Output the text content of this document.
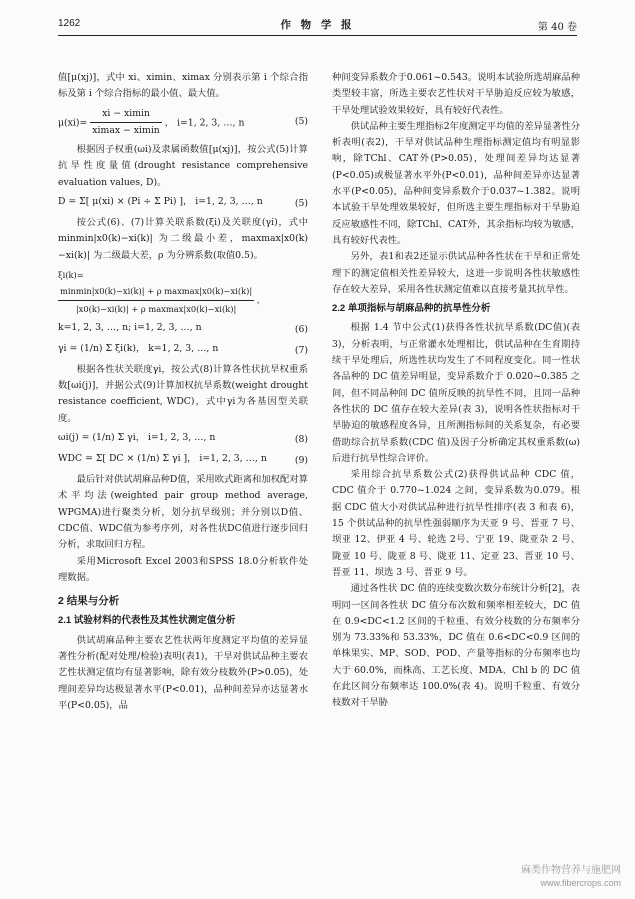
1262	作 物 学 报	第 40 卷

值[μ(xj)]，式中 xi、ximin、ximax 分别表示第 i 个综合指标及第 i 个综合指标的最小值、最大值。

$\mu(xi)= \frac{xi - ximin}{ximax - ximin}$ ， i=1, 2, 3, …, n	(5)

根据因子权重(ωi)及隶属函数值[μ(xj)]，按公式(5)计算抗旱性度量值(drought resistance comprehensive evaluation values, D)。

D = Σ[ μ(xi) × (Pi ÷ Σ Pi) ]， i=1, 2, 3, …, n	(5)

按公式(6)、(7)计算关联系数(ξi)及关联度(γi)，式中 minmin|x0(k)−xi(k)| 为二级最小差，maxmax|x0(k)−xi(k)| 为二级最大差，ρ 为分辨系数(取值0.5)。

ξi(k)=

$\frac{\text{minmin|x0(k)−xi(k)| + ρ maxmax|x0(k)−xi(k)|}}{\text{|x0(k)−xi(k)| + ρ maxmax|x0(k)−xi(k)|}}$ ，
k=1, 2, 3, …, n; i=1, 2, 3, …, n	(6)
γi = (1/n) Σ ξi(k)， k=1, 2, 3, …, n	(7)

根据各性状关联度γi，按公式(8)计算各性状抗旱权重系数[ωi(j)]，并据公式(9)计算加权抗旱系数(weight drought resistance coefficient, WDC)，式中γi为各基因型关联度。

ωi(j) = (1/n) Σ γi， i=1, 2, 3, …, n	(8)
WDC = Σ[ DC × (1/n) Σ γi ]， i=1, 2, 3, …, n	(9)

最后针对供试胡麻品种D值，采用欧式距离和加权配对算术平均法(weighted pair group method average, WPGMA)进行聚类分析，划分抗旱级别；并分别以D值、CDC值、WDC值为参考序列，对各性状DC值进行逐步回归分析，求取回归方程。

采用Microsoft Excel 2003和SPSS 18.0分析软件处理数据。

2 结果与分析
2.1 试验材料的代表性及其性状测定值分析

供试胡麻品种主要农艺性状两年度测定平均值的差异显著性分析(配对处理/检验)表明(表1)，干旱对供试品种主要农艺性状测定值均有显著影响，除有效分枝数外(P>0.05)，处理间差异均达极显著水平(P<0.01)，品种间差异亦达显著水平(P<0.05)，品

种间变异系数介于0.061~0.543。说明本试验所选胡麻品种类型较丰富，所选主要农艺性状对干旱胁迫反应较为敏感，干旱处理试验效果较好，具有较好代表性。

供试品种主要生理指标2年度测定平均值的差异显著性分析表明(表2)，干旱对供试品种生理指标测定值均有明显影响，除TChl、CAT外(P>0.05)，处理间差异均达显著(P<0.05)或极显著水平外(P<0.01)，品种间差异亦达显著水平(P<0.05)，品种间变异系数介于0.037~1.382。说明本试验干旱处理效果较好，但所选主要生理指标对干旱胁迫反应敏感性不同，除TChl、CAT外，其余指标均较为敏感，具有较好代表性。

另外，表1和表2还显示供试品种各性状在干旱和正常处理下的测定值相关性差异较大，这进一步说明各性状敏感性存在较大差异，采用各性状测定值难以直接考量其抗旱性。

2.2 单项指标与胡麻品种的抗旱性分析

根据 1.4 节中公式(1)获得各性状抗旱系数(DC值)(表 3)，分析表明，与正常灌水处理相比，供试品种在生育期持续干旱处理后，所选性状均发生了不同程度变化。同一性状各品种的 DC 值差异明显，变异系数介于 0.020~0.385 之间，但不同品种间 DC 值所反映的抗旱性不同，且同一品种各性状的 DC 值存在较大差异(表 3)，说明各性状指标对干旱胁迫的敏感程度各异，且所测指标间的关系复杂，有必要借助综合抗旱系数(CDC 值)及因子分析确定其权重系数(ω)后进行抗旱性综合评价。

采用综合抗旱系数公式(2)获得供试品种 CDC 值，CDC 值介于 0.770~1.024 之间，变异系数为0.079。根据 CDC 值大小对供试品种进行抗旱性排序(表 3 和表 6)，15 个供试品种的抗旱性强弱顺序为天亚 9 号、晋亚 7 号、坝亚 12、伊亚 4 号、轮选 2号、宁亚 19、陇亚杂 2 号、陇亚 10 号、陇亚 8 号、陇亚 11、定亚 23、晋亚 10 号、晋亚 11、坝选 3 号、晋亚 9 号。

通过各性状 DC 值的连续变数次数分布统计分析[2]，表明同一区间各性状 DC 值分布次数和频率相差较大，DC 值在 0.9<DC<1.2 区间的千粒重、有效分枝数的分布频率分别为 73.33%和 53.33%，DC 值在 0.6<DC<0.9 区间的单株果实、MP、SOD、POD、产量等指标的分布频率也均大于 60.0%，而株高、工艺长度、MDA、Chl b 的 DC 值在此区间分布频率达 100.0%(表 4)。说明千粒重、有效分枝数对干旱胁

麻类作物营养与施肥网
www.fibercrops.com
